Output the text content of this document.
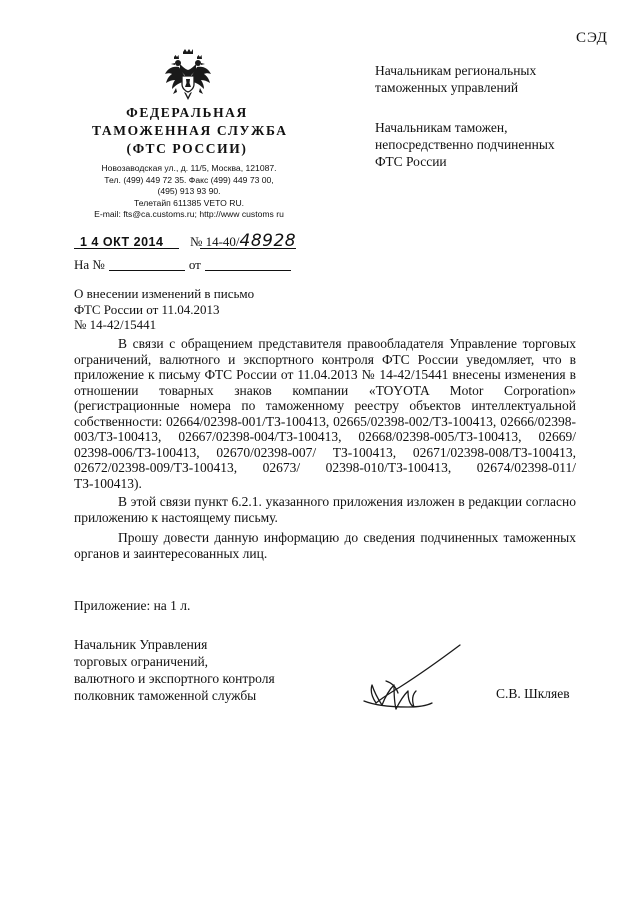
СЭД
ФЕДЕРАЛЬНАЯ
ТАМОЖЕННАЯ СЛУЖБА
(ФТС РОССИИ)
Новозаводская ул., д. 11/5, Москва, 121087.
Тел. (499) 449 72 35. Факс (499) 449 73 00,
(495) 913 93 90.
Телетайп 611385 VETO RU.
E-mail: fts@ca.customs.ru; http://www customs ru
Начальникам региональных
таможенных управлений
Начальникам таможен,
непосредственно подчиненных
ФТС России
1 4 ОКТ 2014 № 14-40/48928
На №	от
О внесении изменений в письмо
ФТС России от 11.04.2013
№ 14-42/15441

В связи с обращением представителя правообладателя Управление торговых ограничений, валютного и экспортного контроля ФТС России уведомляет, что в приложение к письму ФТС России от 11.04.2013 № 14-42/15441 внесены изменения в отношении товарных знаков компании «TOYOTA Motor Corporation» (регистрационные номера по таможенному реестру объектов интеллектуальной собственности: 02664/02398-001/ТЗ-100413, 02665/02398-002/ТЗ-100413, 02666/02398-003/ТЗ-100413, 02667/02398-004/ТЗ-100413, 02668/02398-005/ТЗ-100413, 02669/ 02398-006/ТЗ-100413, 02670/02398-007/ ТЗ-100413, 02671/02398-008/ТЗ-100413, 02672/02398-009/ТЗ-100413, 02673/ 02398-010/ТЗ-100413, 02674/02398-011/ ТЗ-100413).

В этой связи пункт 6.2.1. указанного приложения изложен в редакции согласно приложению к настоящему письму.

Прошу довести данную информацию до сведения подчиненных таможенных органов и заинтересованных лиц.

Приложение: на 1 л.
Начальник Управления
торговых ограничений,
валютного и экспортного контроля
полковник таможенной службы	С.В. Шкляев
